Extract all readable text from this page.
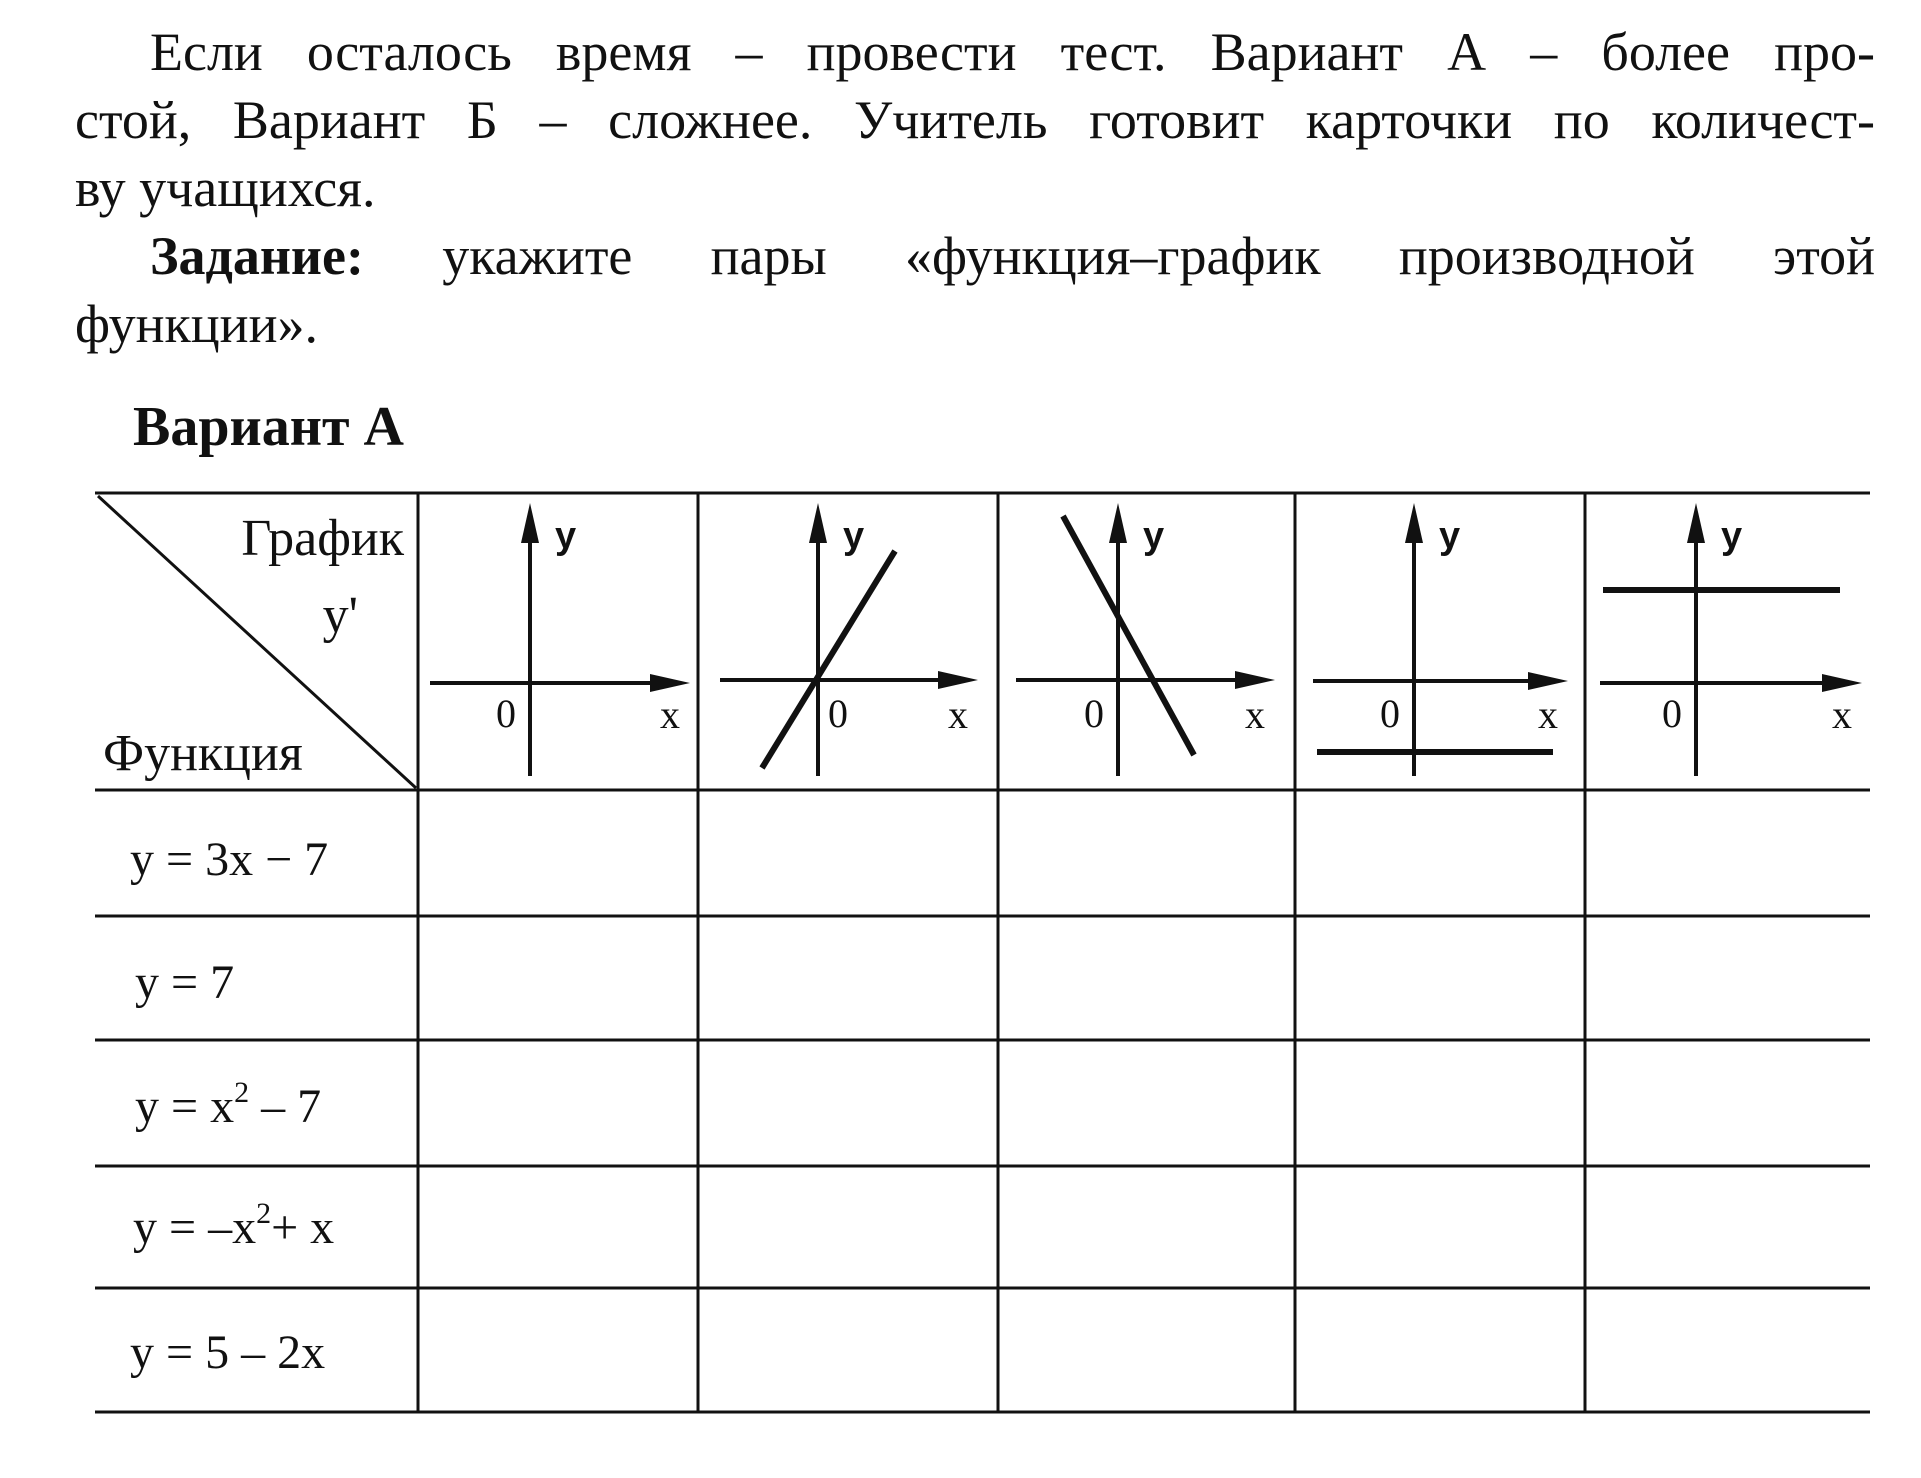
Если осталось время – провести тест. Вариант А – более про-
стой, Вариант Б – сложнее. Учитель готовит карточки по количест-
ву учащихся.

Задание: укажите пары «функция–график производной этой
функции».

Вариант А
График
y'
Функция
y
x
0
y
x
0
y
x
0
y
x
0
y
x
0
y = 3x − 7
y = 7
$y = x^2 - 7$
$y = -x^2+ x$
y = 5 – 2x
